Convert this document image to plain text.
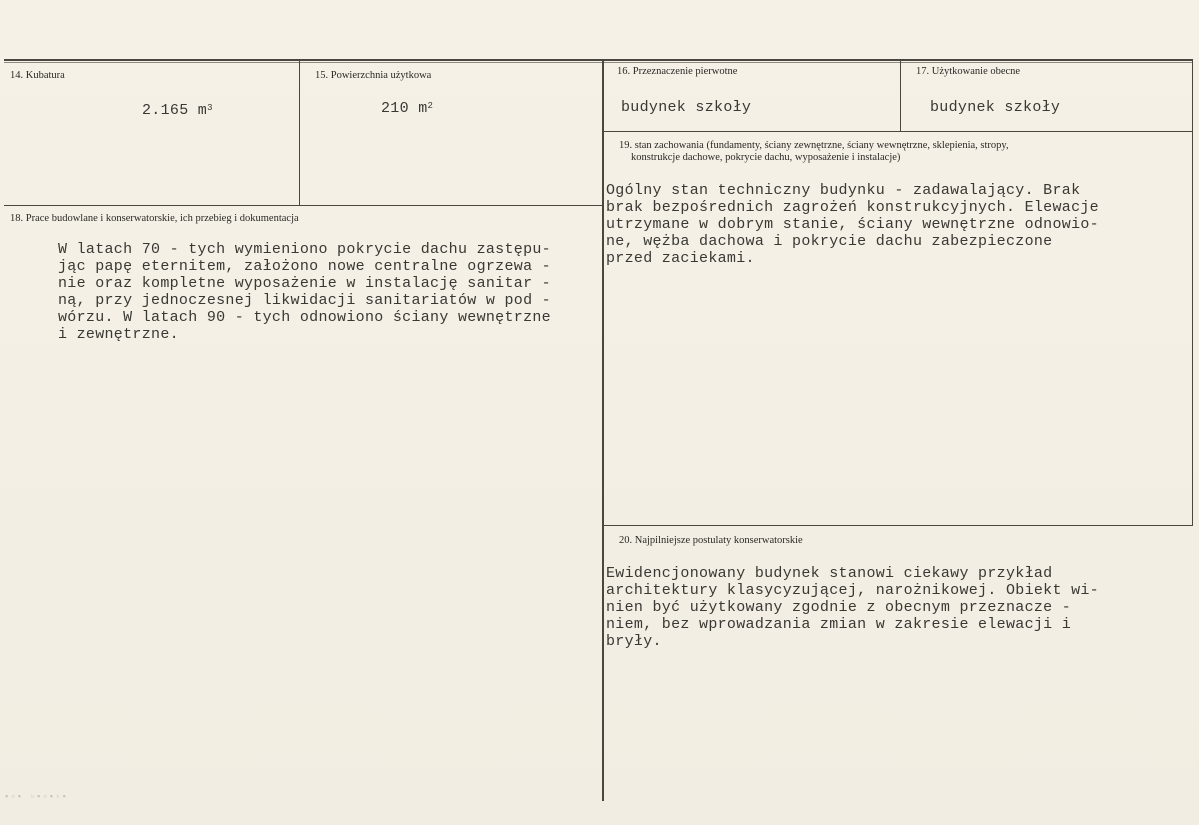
14. Kubatura
2.165 $m^3$
15. Powierzchnia użytkowa
210 $m^2$
16. Przeznaczenie pierwotne
budynek szkoły
17. Użytkowanie obecne
budynek szkoły
18. Prace budowlane i konserwatorskie, ich przebieg i dokumentacja
W latach 70 - tych wymieniono pokrycie dachu zastępu-
jąc papę eternitem, założono nowe centralne ogrzewa -
nie oraz kompletne wyposażenie w instalację sanitar -
ną, przy jednoczesnej likwidacji sanitariatów w pod -
wórzu. W latach 90 - tych odnowiono ściany wewnętrzne
i zewnętrzne.
19. stan zachowania (fundamenty, ściany zewnętrzne, ściany wewnętrzne, sklepienia, stropy,
konstrukcje dachowe, pokrycie dachu, wyposażenie i instalacje)
Ogólny stan techniczny budynku - zadawalający. Brak
brak bezpośrednich zagrożeń konstrukcyjnych. Elewacje
utrzymane w dobrym stanie, ściany wewnętrzne odnowio-
ne, wężba dachowa i pokrycie dachu zabezpieczone
przed zaciekami.
20. Najpilniejsze postulaty konserwatorskie
Ewidencjonowany budynek stanowi ciekawy przykład
architektury klasycyzującej, narożnikowej. Obiekt wi-
nien być użytkowany zgodnie z obecnym przeznacze -
niem, bez wprowadzania zmian w zakresie elewacji i
bryły.
▪▫▪ ▫▪▫▪▫▪
